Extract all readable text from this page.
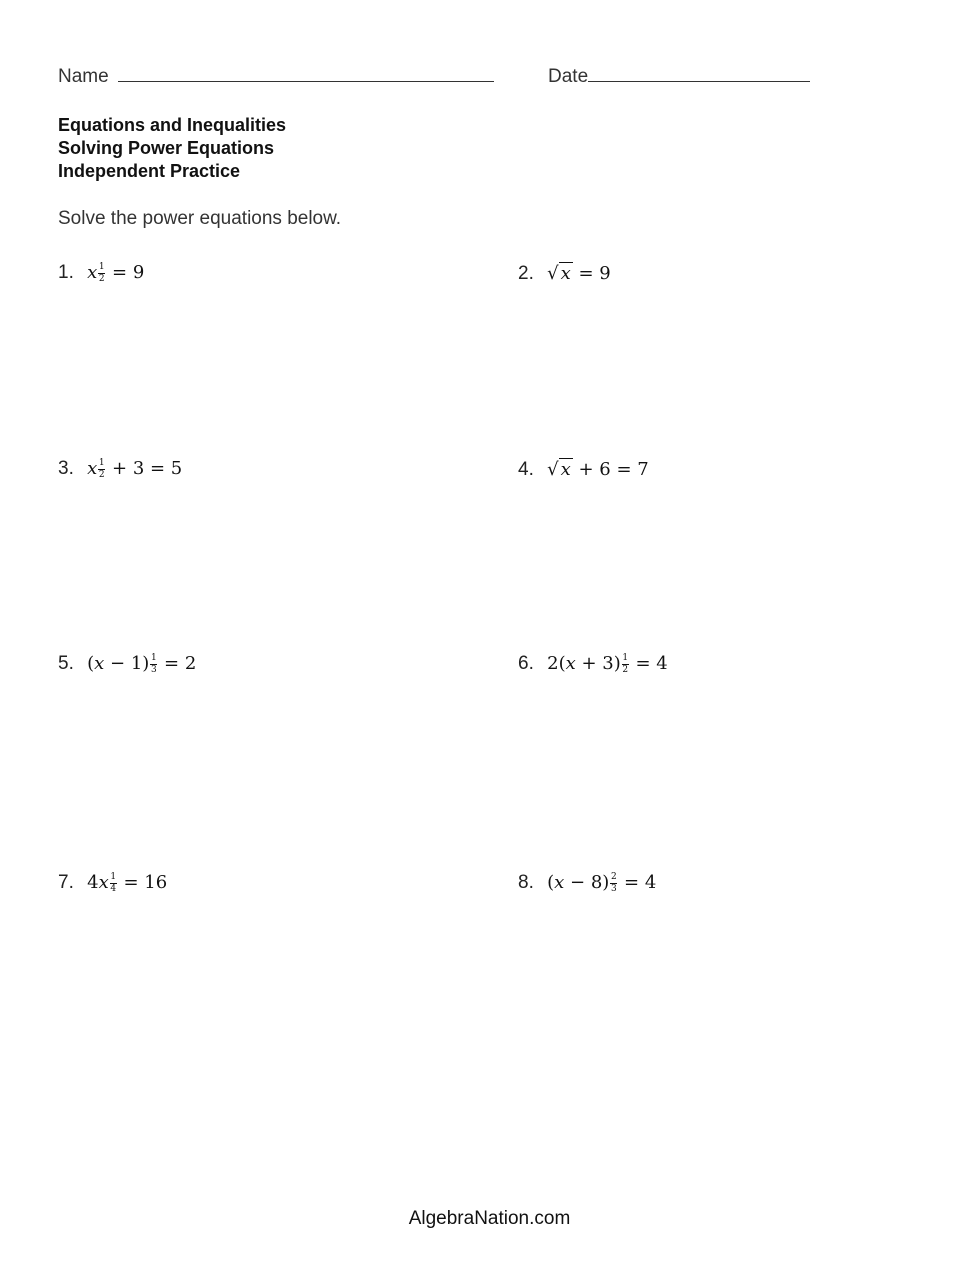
Name	Date
Equations and Inequalities
Solving Power Equations
Independent Practice
Solve the power equations below.
1. x $\frac{1}{2} = 9$	2. √ x = 9
3. x $\frac{1}{2} + 3 = 5$	4. √ x + 6 = 7
5. $(x - 1) \frac{1}{3} = 2$	6. $2(x + 3) \frac{1}{2} = 4$
7. $4x \frac{1}{4} = 16$	8. $(x - 8) \frac{2}{3} = 4$
AlgebraNation.com
